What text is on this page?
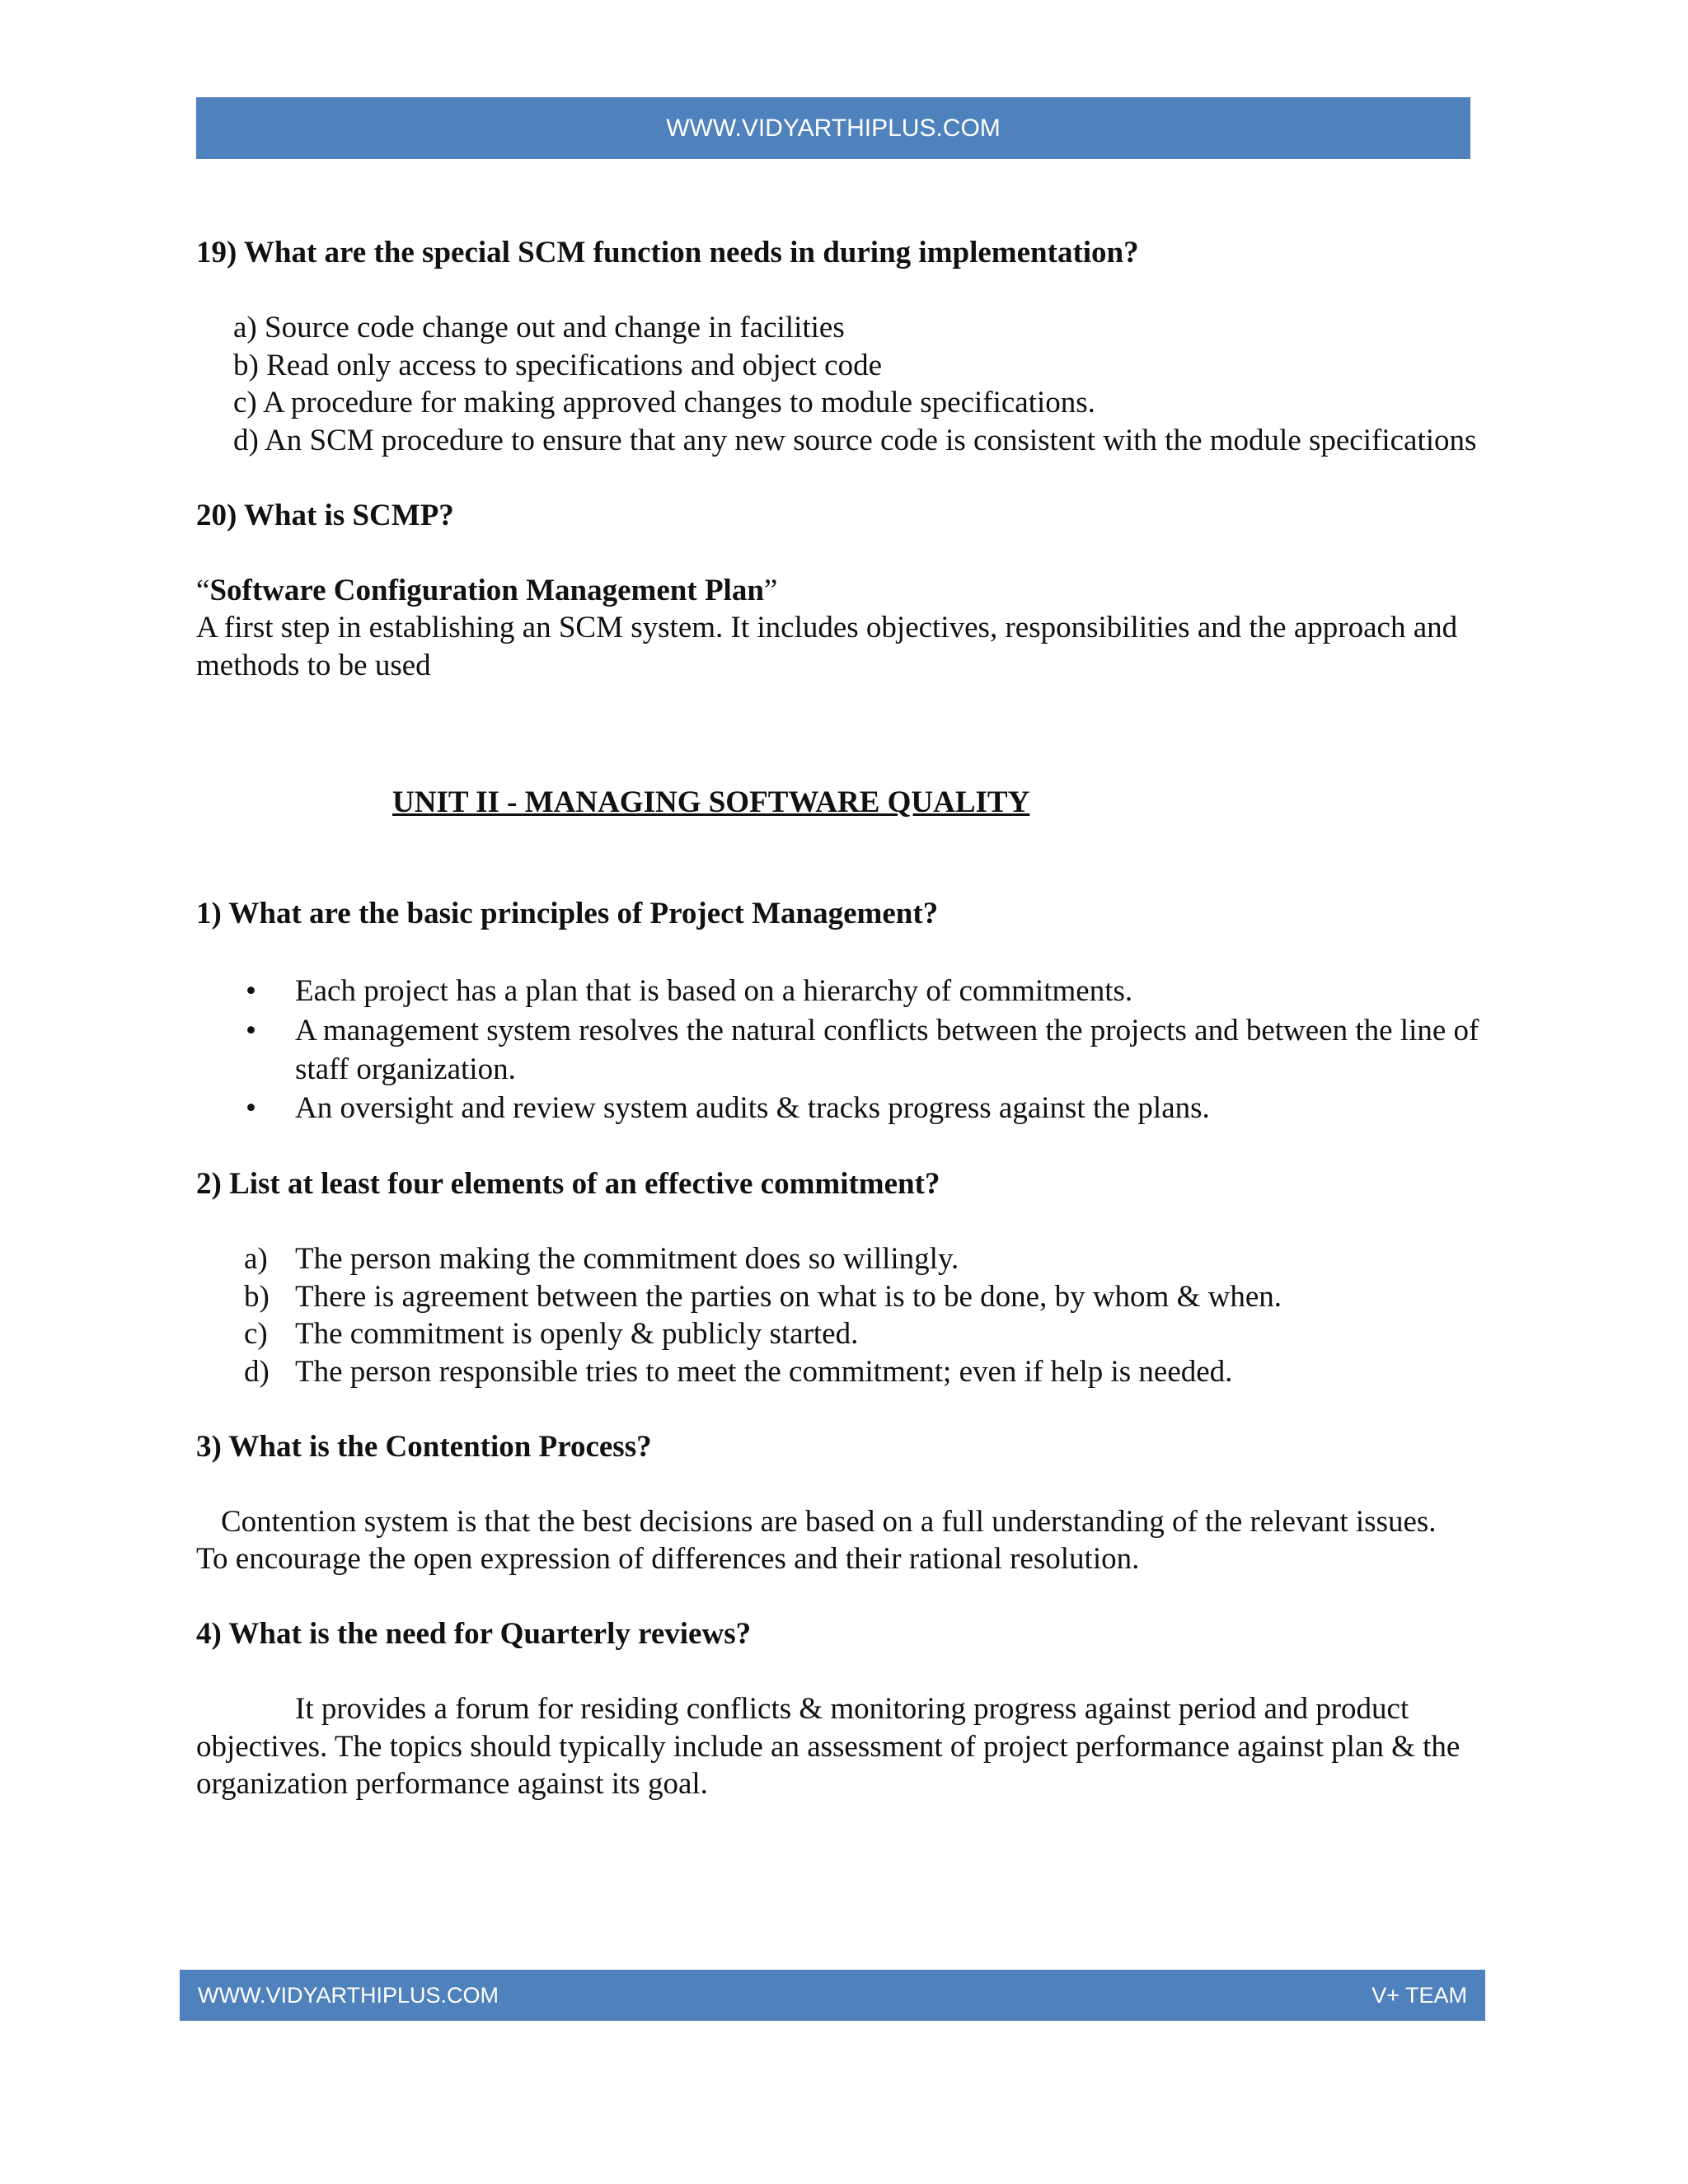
WWW.VIDYARTHIPLUS.COM

19) What are the special SCM function needs in during implementation?

a) Source code change out and change in facilities
b) Read only access to specifications and object code
c) A procedure for making approved changes to module specifications.
d) An SCM procedure to ensure that any new source code is consistent with the module specifications

20) What is SCMP?

“Software Configuration Management Plan”

A first step in establishing an SCM system. It includes objectives, responsibilities and the approach and methods to be used

UNIT II - MANAGING SOFTWARE QUALITY

1) What are the basic principles of Project Management?

• Each project has a plan that is based on a hierarchy of commitments.
• A management system resolves the natural conflicts between the projects and between the line of staff organization.
• An oversight and review system audits & tracks progress against the plans.

2) List at least four elements of an effective commitment?

a) The person making the commitment does so willingly.
b) There is agreement between the parties on what is to be done, by whom & when.
c) The commitment is openly & publicly started.
d) The person responsible tries to meet the commitment; even if help is needed.

3) What is the Contention Process?

Contention system is that the best decisions are based on a full understanding of the relevant issues.

To encourage the open expression of differences and their rational resolution.

4) What is the need for Quarterly reviews?

It provides a forum for residing conflicts & monitoring progress against period and product objectives. The topics should typically include an assessment of project performance against plan & the organization performance against its goal.

WWW.VIDYARTHIPLUS.COM	V+ TEAM
